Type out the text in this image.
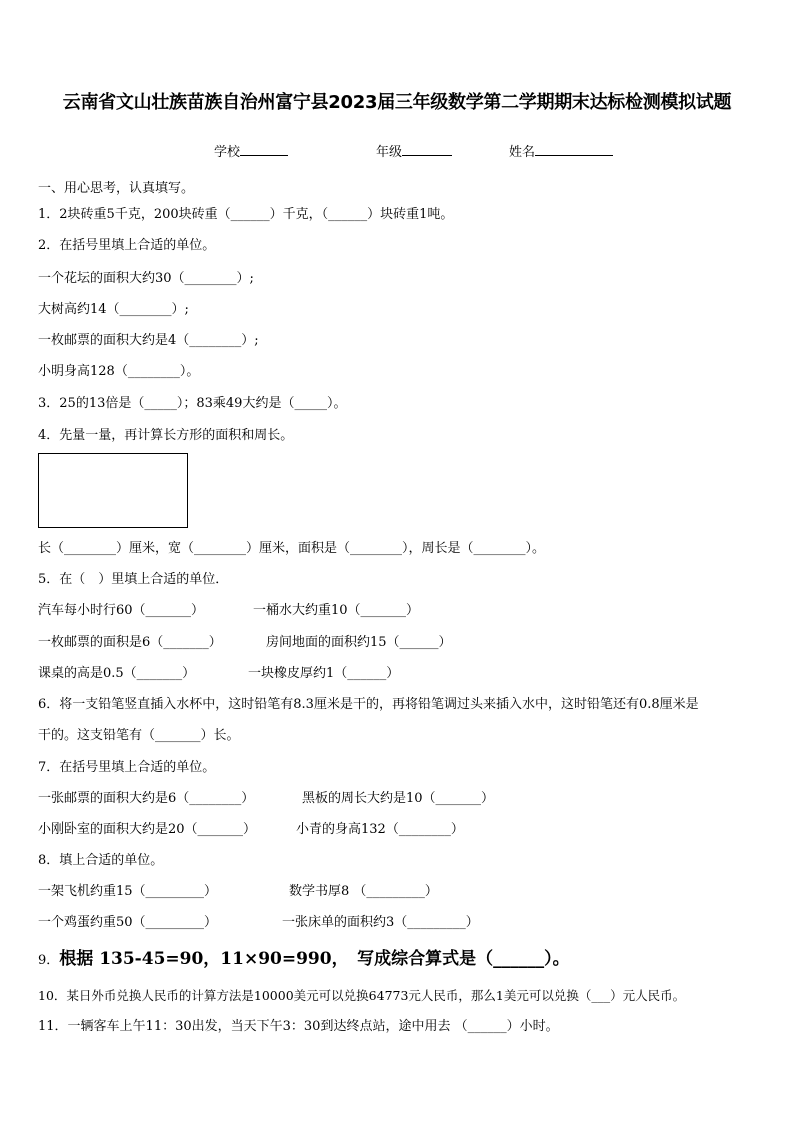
云南省文山壮族苗族自治州富宁县2023届三年级数学第二学期期末达标检测模拟试题
学校	年级	姓名
一、用心思考，认真填写。
1．2块砖重5千克，200块砖重（______）千克，（______）块砖重1吨。
2．在括号里填上合适的单位。
一个花坛的面积大约30（________）;
大树高约14（________）;
一枚邮票的面积大约是4（________）;
小明身高128（________）。
3．25的13倍是（_____）；83乘49大约是（_____）。
4．先量一量，再计算长方形的面积和周长。
长（________）厘米，宽（________）厘米，面积是（________），周长是（________）。
5．在（　）里填上合适的单位．
汽车每小时行60（_______）	一桶水大约重10（_______）
一枚邮票的面积是6（_______）	房间地面的面积约15（______）
课桌的高是0.5（_______）	一块橡皮厚约1（______）
6．将一支铅笔竖直插入水杯中，这时铅笔有8.3厘米是干的，再将铅笔调过头来插入水中，这时铅笔还有0.8厘米是
干的。这支铅笔有（_______）长。
7．在括号里填上合适的单位。
一张邮票的面积大约是6（________）	黑板的周长大约是10（_______）
小刚卧室的面积大约是20（_______）	小青的身高132（________）
8．填上合适的单位。
一架飞机约重15（_________）	数学书厚8 （_________）
一个鸡蛋约重50（_________）	一张床单的面积约3（_________）
9．根据 135-45=90，11×90=990，　写成综合算式是（______）。
10．某日外币兑换人民币的计算方法是10000美元可以兑换64773元人民币，那么1美元可以兑换（___）元人民币。
11．一辆客车上午11：30出发，当天下午3：30到达终点站，途中用去 （______）小时。
